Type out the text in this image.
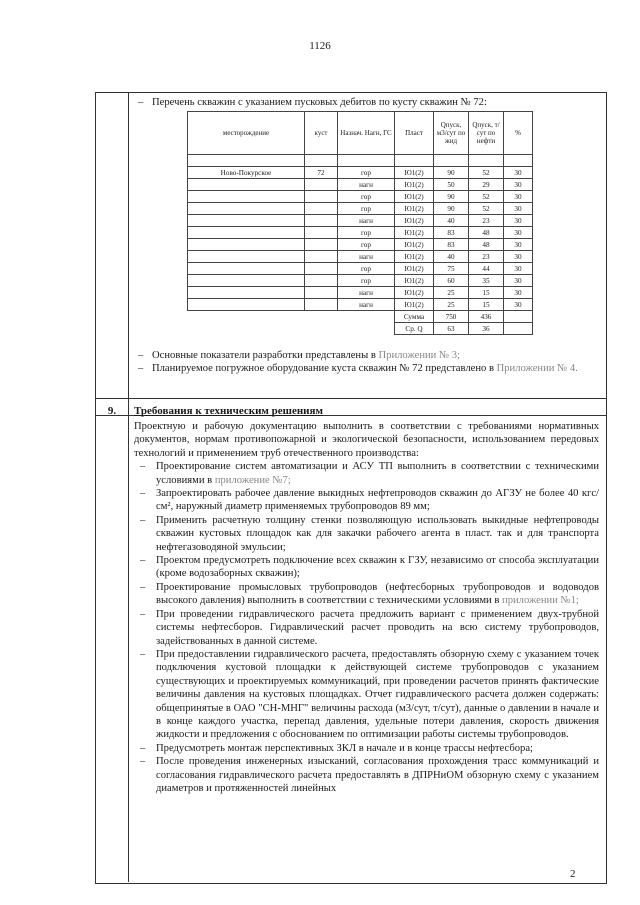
1126

– Перечень скважин с указанием пусковых дебитов по кусту скважин № 72:

месторождение	куст	Назнач. Нагн, ГС	Пласт	Qпуск, м3/сут по жид	Qпуск, т/сут по нефти	%

Ново-Покурское	72	гор	Ю1(2)	90	52	30
		нагн	Ю1(2)	50	29	30
		гор	Ю1(2)	90	52	30
		гор	Ю1(2)	90	52	30
		нагн	Ю1(2)	40	23	30
		гор	Ю1(2)	83	48	30
		гор	Ю1(2)	83	48	30
		нагн	Ю1(2)	40	23	30
		гор	Ю1(2)	75	44	30
		гор	Ю1(2)	60	35	30
		нагн	Ю1(2)	25	15	30
		нагн	Ю1(2)	25	15	30
			Сумма	750	436	
			Ср. Q	63	36	

– Основные показатели разработки представлены в Приложении № 3;

– Планируемое погружное оборудование куста скважин № 72 представлено в Приложении № 4.

9.	Требования к техническим решениям

Проектную и рабочую документацию выполнить в соответствии с требованиями нормативных документов, нормам противопожарной и экологической безопасности, использованием передовых технологий и применением труб отечественного производства:

– Проектирование систем автоматизации и АСУ ТП выполнить в соответствии с техническими условиями в приложение №7;

– Запроектировать рабочее давление выкидных нефтепроводов скважин до АГЗУ не более 40 кгс/см², наружный диаметр применяемых трубопроводов 89 мм;

– Применить расчетную толщину стенки позволяющую использовать выкидные нефтепроводы скважин кустовых площадок как для закачки рабочего агента в пласт. так и для транспорта нефтегазоводяной эмульсии;

– Проектом предусмотреть подключение всех скважин к ГЗУ, независимо от способа эксплуатации (кроме водозаборных скважин);

– Проектирование промысловых трубопроводов (нефтесборных трубопроводов и водоводов высокого давления) выполнить в соответствии с техническими условиями в приложении №1;

– При проведении гидравлического расчета предложить вариант с применением двух-трубной системы нефтесборов. Гидравлический расчет проводить на всю систему трубопроводов, задействованных в данной системе.

– При предоставлении гидравлического расчета, предоставлять обзорную схему с указанием точек подключения кустовой площадки к действующей системе трубопроводов с указанием существующих и проектируемых коммуникаций, при проведении расчетов принять фактические величины давления на кустовых площадках. Отчет гидравлического расчета должен содержать: общепринятые в ОАО "СН-МНГ" величины расхода (м3/сут, т/сут), данные о давлении в начале и в конце каждого участка, перепад давления, удельные потери давления, скорость движения жидкости и предложения с обоснованием по оптимизации работы системы трубопроводов.

– Предусмотреть монтаж перспективных ЗКЛ в начале и в конце трассы нефтесбора;

– После проведения инженерных изысканий, согласования прохождения трасс коммуникаций и согласования гидравлического расчета предоставлять в ДПРНиОМ обзорную схему с указанием диаметров и протяженностей линейных

2
